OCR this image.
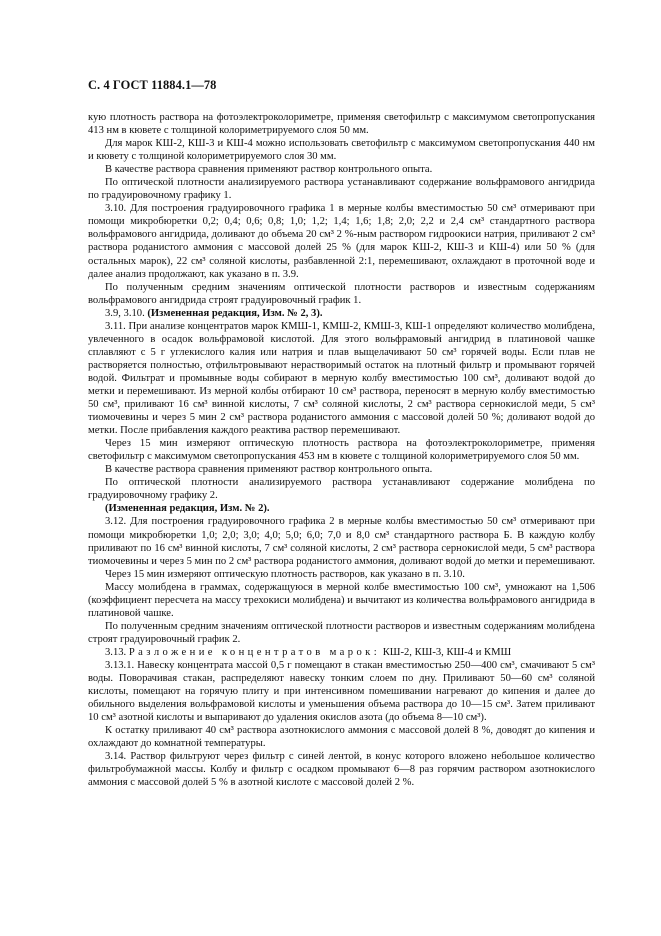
С. 4 ГОСТ 11884.1—78

кую плотность раствора на фотоэлектроколориметре, применяя светофильтр с максимумом светопропускания 413 нм в кювете с толщиной колориметрируемого слоя 50 мм.

Для марок КШ-2, КШ-3 и КШ-4 можно использовать светофильтр с максимумом светопропускания 440 нм и кювету с толщиной колориметрируемого слоя 30 мм.

В качестве раствора сравнения применяют раствор контрольного опыта.

По оптической плотности анализируемого раствора устанавливают содержание вольфрамового ангидрида по градуировочному графику 1.

3.10. Для построения градуировочного графика 1 в мерные колбы вместимостью 50 см³ отмеривают при помощи микробюретки 0,2; 0,4; 0,6; 0,8; 1,0; 1,2; 1,4; 1,6; 1,8; 2,0; 2,2 и 2,4 см³ стандартного раствора вольфрамового ангидрида, доливают до объема 20 см³ 2 %-ным раствором гидроокиси натрия, приливают 2 см³ раствора роданистого аммония с массовой долей 25 % (для марок КШ-2, КШ-3 и КШ-4) или 50 % (для остальных марок), 22 см³ соляной кислоты, разбавленной 2:1, перемешивают, охлаждают в проточной воде и далее анализ продолжают, как указано в п. 3.9.

По полученным средним значениям оптической плотности растворов и известным содержаниям вольфрамового ангидрида строят градуировочный график 1.

3.9, 3.10. (Измененная редакция, Изм. № 2, 3).

3.11. При анализе концентратов марок КМШ-1, КМШ-2, КМШ-3, КШ-1 определяют количество молибдена, увлеченного в осадок вольфрамовой кислотой. Для этого вольфрамовый ангидрид в платиновой чашке сплавляют с 5 г углекислого калия или натрия и плав выщелачивают 50 см³ горячей воды. Если плав не растворяется полностью, отфильтровывают нерастворимый остаток на плотный фильтр и промывают горячей водой. Фильтрат и промывные воды собирают в мерную колбу вместимостью 100 см³, доливают водой до метки и перемешивают. Из мерной колбы отбирают 10 см³ раствора, переносят в мерную колбу вместимостью 50 см³, приливают 16 см³ винной кислоты, 7 см³ соляной кислоты, 2 см³ раствора сернокислой меди, 5 см³ тиомочевины и через 5 мин 2 см³ раствора роданистого аммония с массовой долей 50 %; доливают водой до метки. После прибавления каждого реактива раствор перемешивают.

Через 15 мин измеряют оптическую плотность раствора на фотоэлектроколориметре, применяя светофильтр с максимумом светопропускания 453 нм в кювете с толщиной колориметрируемого слоя 50 мм.

В качестве раствора сравнения применяют раствор контрольного опыта.

По оптической плотности анализируемого раствора устанавливают содержание молибдена по градуировочному графику 2.

(Измененная редакция, Изм. № 2).

3.12. Для построения градуировочного графика 2 в мерные колбы вместимостью 50 см³ отмеривают при помощи микробюретки 1,0; 2,0; 3,0; 4,0; 5,0; 6,0; 7,0 и 8,0 см³ стандартного раствора Б. В каждую колбу приливают по 16 см³ винной кислоты, 7 см³ соляной кислоты, 2 см³ раствора сернокислой меди, 5 см³ раствора тиомочевины и через 5 мин по 2 см³ раствора роданистого аммония, доливают водой до метки и перемешивают.

Через 15 мин измеряют оптическую плотность растворов, как указано в п. 3.10.

Массу молибдена в граммах, содержащуюся в мерной колбе вместимостью 100 см³, умножают на 1,506 (коэффициент пересчета на массу трехокиси молибдена) и вычитают из количества вольфрамового ангидрида в платиновой чашке.

По полученным средним значениям оптической плотности растворов и известным содержаниям молибдена строят градуировочный график 2.

3.13. Разложение концентратов марок: КШ-2, КШ-3, КШ-4 и КМШ

3.13.1. Навеску концентрата массой 0,5 г помещают в стакан вместимостью 250—400 см³, смачивают 5 см³ воды. Поворачивая стакан, распределяют навеску тонким слоем по дну. Приливают 50—60 см³ соляной кислоты, помещают на горячую плиту и при интенсивном помешивании нагревают до кипения и далее до обильного выделения вольфрамовой кислоты и уменьшения объема раствора до 10—15 см³. Затем приливают 10 см³ азотной кислоты и выпаривают до удаления окислов азота (до объема 8—10 см³).

К остатку приливают 40 см³ раствора азотнокислого аммония с массовой долей 8 %, доводят до кипения и охлаждают до комнатной температуры.

3.14. Раствор фильтруют через фильтр с синей лентой, в конус которого вложено небольшое количество фильтробумажной массы. Колбу и фильтр с осадком промывают 6—8 раз горячим раствором азотнокислого аммония с массовой долей 5 % в азотной кислоте с массовой долей 2 %.
